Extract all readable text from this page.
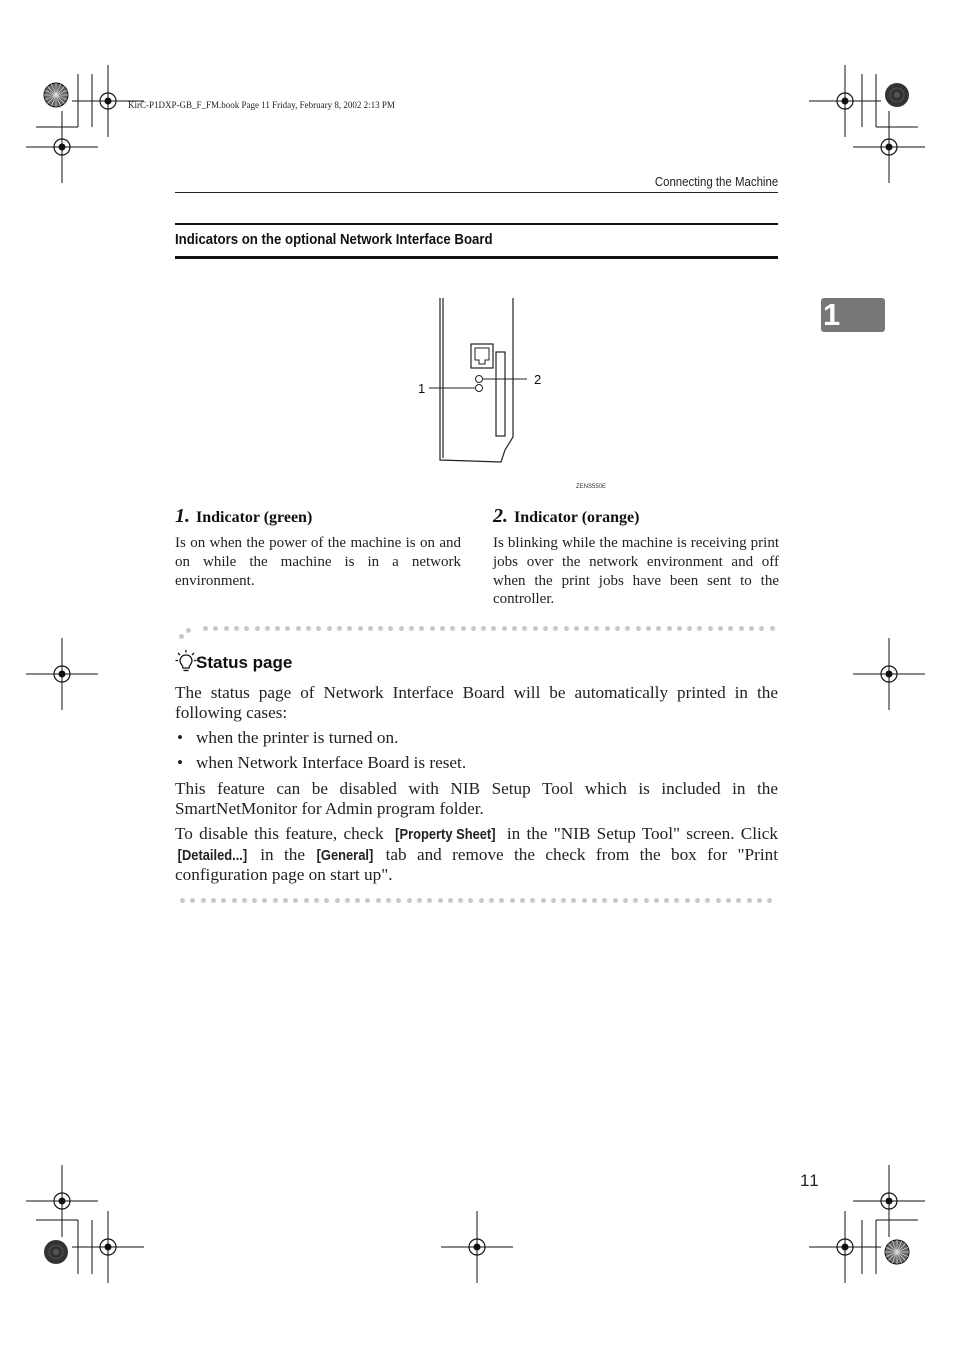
KirC-P1DXP-GB_F_FM.book Page 11 Friday, February 8, 2002 2:13 PM
Connecting the Machine
Indicators on the optional Network Interface Board
1
1
2
ZENS550E
1. Indicator (green)
Is on when the power of the machine is on and on while the machine is in a network environment.
2. Indicator (orange)
Is blinking while the machine is receiving print jobs over the network environment and off when the print jobs have been sent to the controller.
Status page
The status page of Network Interface Board will be automatically printed in the following cases:
• when the printer is turned on.
• when Network Interface Board is reset.
This feature can be disabled with NIB Setup Tool which is included in the SmartNetMonitor for Admin program folder.
To disable this feature, check [Property Sheet] in the "NIB Setup Tool" screen. Click [Detailed...] in the [General] tab and remove the check from the box for "Print configuration page on start up".
11
